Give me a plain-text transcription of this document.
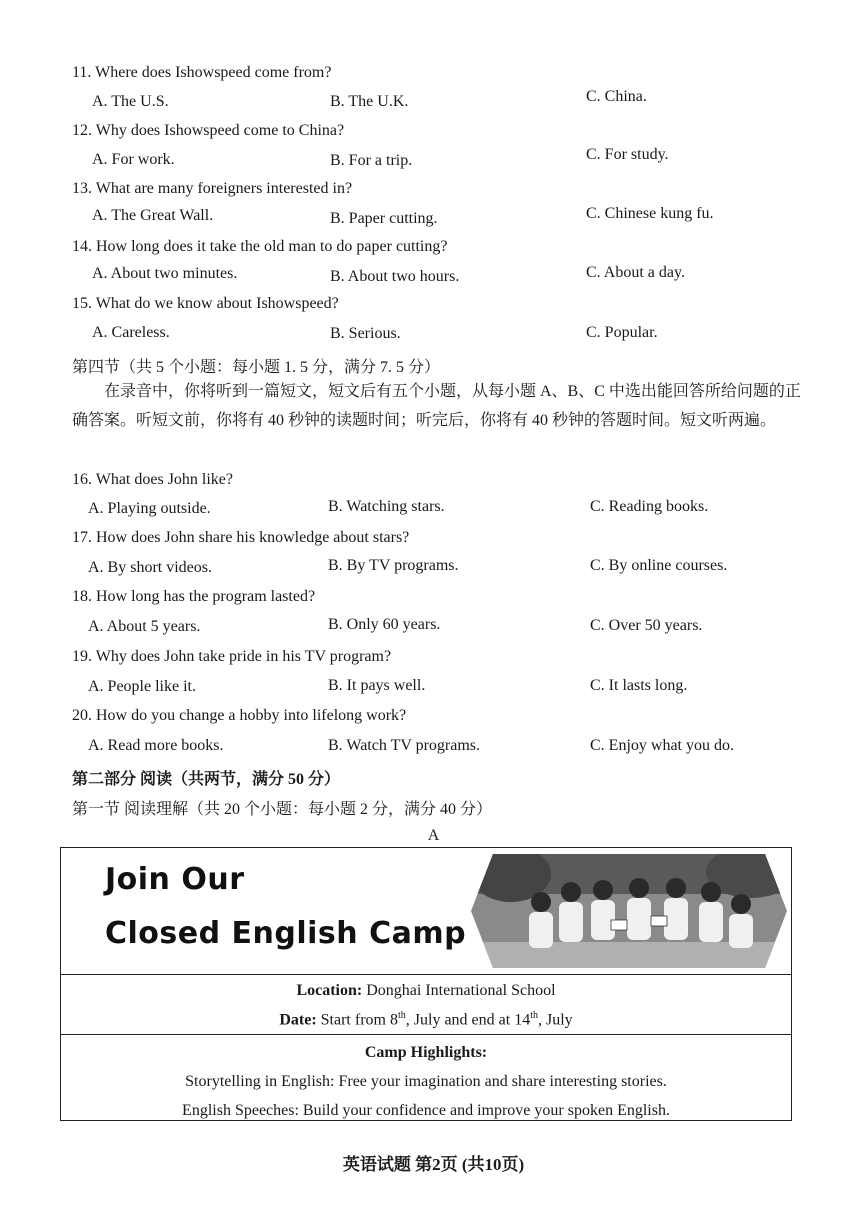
11. Where does Ishowspeed come from?
A. The U.S.	B. The U.K.	C. China.
12. Why does Ishowspeed come to China?
A. For work.	B. For a trip.	C. For study.
13. What are many foreigners interested in?
A. The Great Wall.	B. Paper cutting.	C. Chinese kung fu.
14. How long does it take the old man to do paper cutting?
A. About two minutes.	B. About two hours.	C. About a day.
15. What do we know about Ishowspeed?
A. Careless.	B. Serious.	C. Popular.
第四节（共 5 个小题：每小题 1. 5 分，满分 7. 5 分）
在录音中，你将听到一篇短文，短文后有五个小题，从每小题 A、B、C 中选出能回答所给问题的正确答案。听短文前，你将有 40 秒钟的读题时间；听完后，你将有 40 秒钟的答题时间。短文听两遍。
16. What does John like?
A. Playing outside.	B. Watching stars.	C. Reading books.
17. How does John share his knowledge about stars?
A. By short videos.	B. By TV programs.	C. By online courses.
18. How long has the program lasted?
A. About 5 years.	B. Only 60 years.	C. Over 50 years.
19. Why does John take pride in his TV program?
A. People like it.	B. It pays well.	C. It lasts long.
20. How do you change a hobby into lifelong work?
A. Read more books.	B. Watch TV programs.	C. Enjoy what you do.
第二部分 阅读（共两节，满分 50 分）
第一节 阅读理解（共 20 个小题：每小题 2 分，满分 40 分）
A
Join Our
Closed English Camp
Location: Donghai International School
Date: Start from 8th, July and end at 14th, July
Camp Highlights:
Storytelling in English: Free your imagination and share interesting stories.
English Speeches: Build your confidence and improve your spoken English.
英语试题 第2页 (共10页)
